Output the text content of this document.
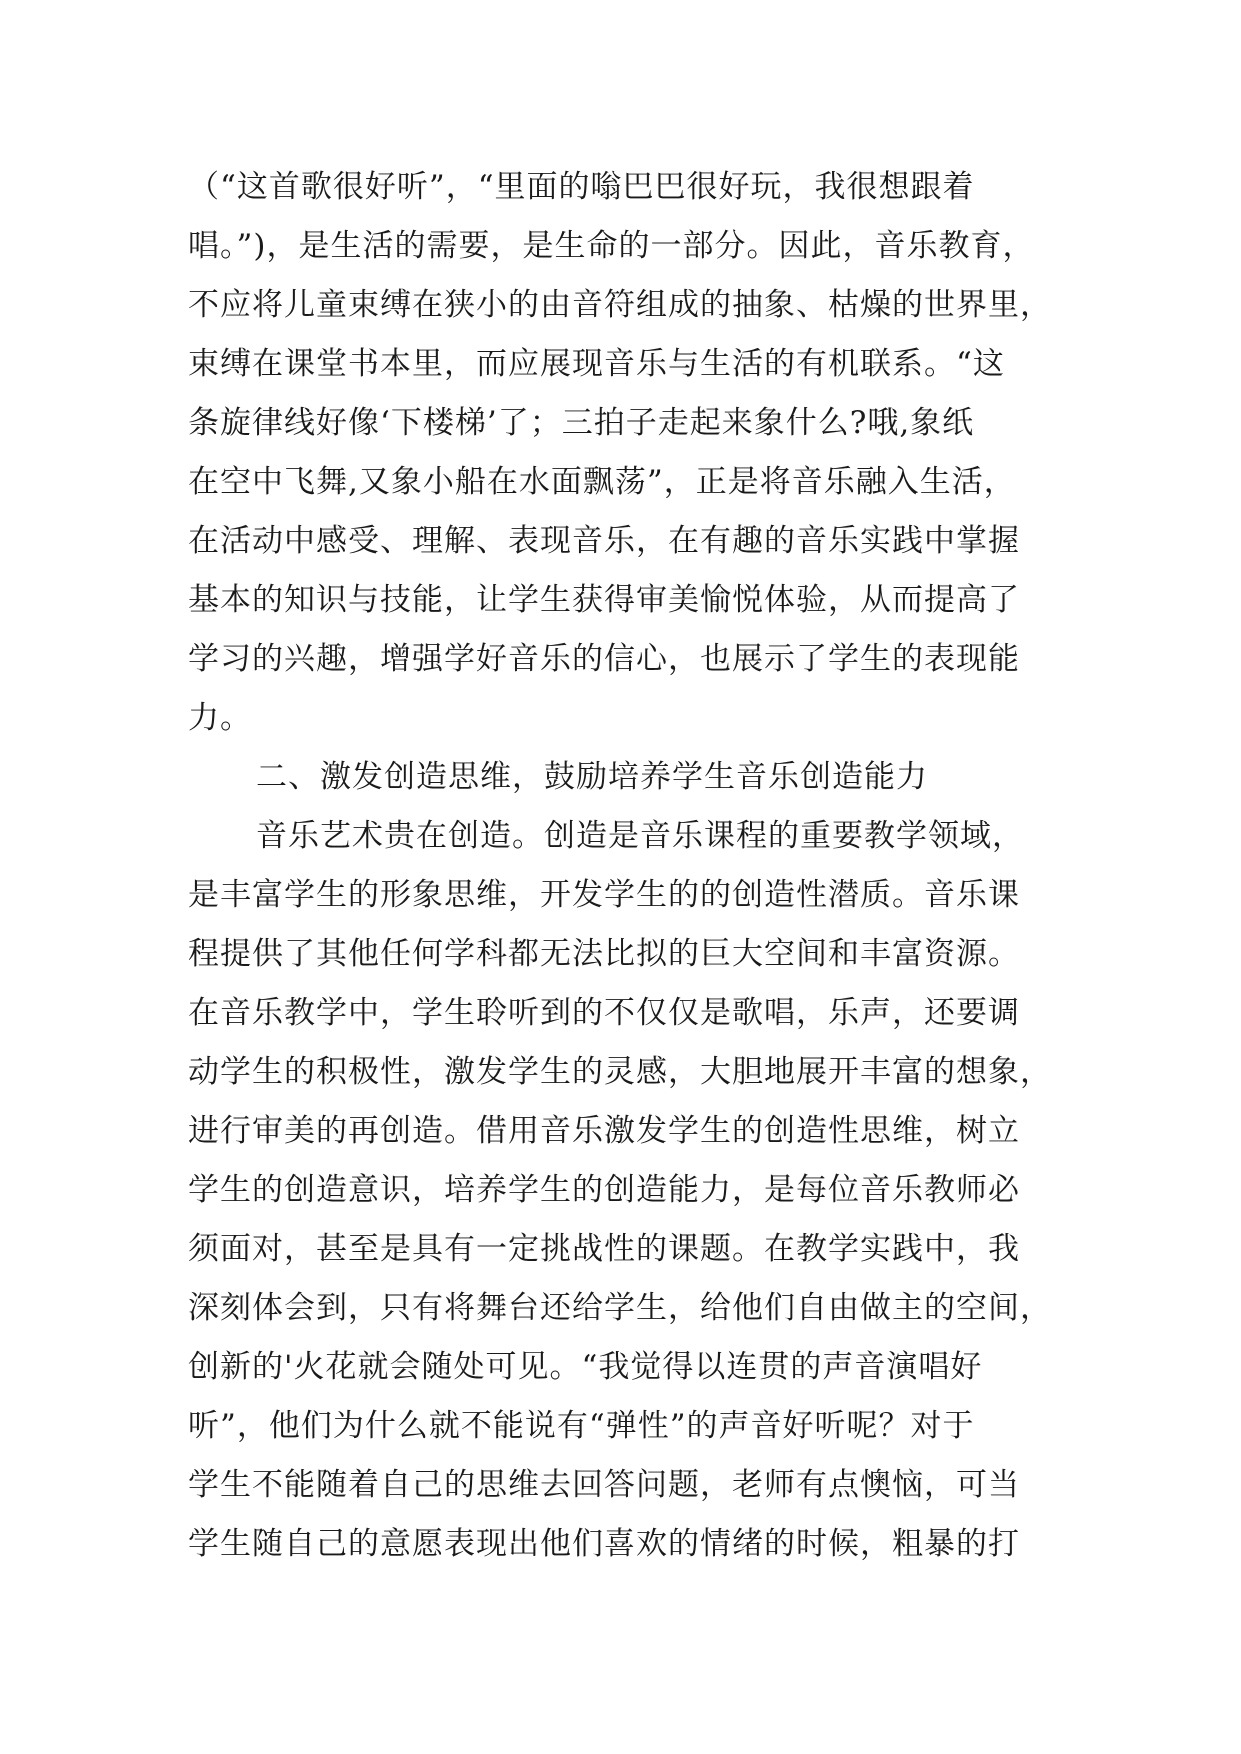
（“这首歌很好听”，“里面的嗡巴巴很好玩，我很想跟着
唱。”)，是生活的需要，是生命的一部分。因此，音乐教育，
不应将儿童束缚在狭小的由音符组成的抽象、枯燥的世界里，
束缚在课堂书本里，而应展现音乐与生活的有机联系。“这
条旋律线好像‘下楼梯’了；三拍子走起来象什么?哦,象纸
在空中飞舞,又象小船在水面飘荡”，正是将音乐融入生活，
在活动中感受、理解、表现音乐，在有趣的音乐实践中掌握
基本的知识与技能，让学生获得审美愉悦体验，从而提高了
学习的兴趣，增强学好音乐的信心，也展示了学生的表现能
力。
二、激发创造思维，鼓励培养学生音乐创造能力
音乐艺术贵在创造。创造是音乐课程的重要教学领域，
是丰富学生的形象思维，开发学生的的创造性潜质。音乐课
程提供了其他任何学科都无法比拟的巨大空间和丰富资源。
在音乐教学中，学生聆听到的不仅仅是歌唱，乐声，还要调
动学生的积极性，激发学生的灵感，大胆地展开丰富的想象，
进行审美的再创造。借用音乐激发学生的创造性思维，树立
学生的创造意识，培养学生的创造能力，是每位音乐教师必
须面对，甚至是具有一定挑战性的课题。在教学实践中，我
深刻体会到，只有将舞台还给学生，给他们自由做主的空间，
创新的'火花就会随处可见。“我觉得以连贯的声音演唱好
听”，他们为什么就不能说有“弹性”的声音好听呢？对于
学生不能随着自己的思维去回答问题，老师有点懊恼，可当
学生随自己的意愿表现出他们喜欢的情绪的时候，粗暴的打
